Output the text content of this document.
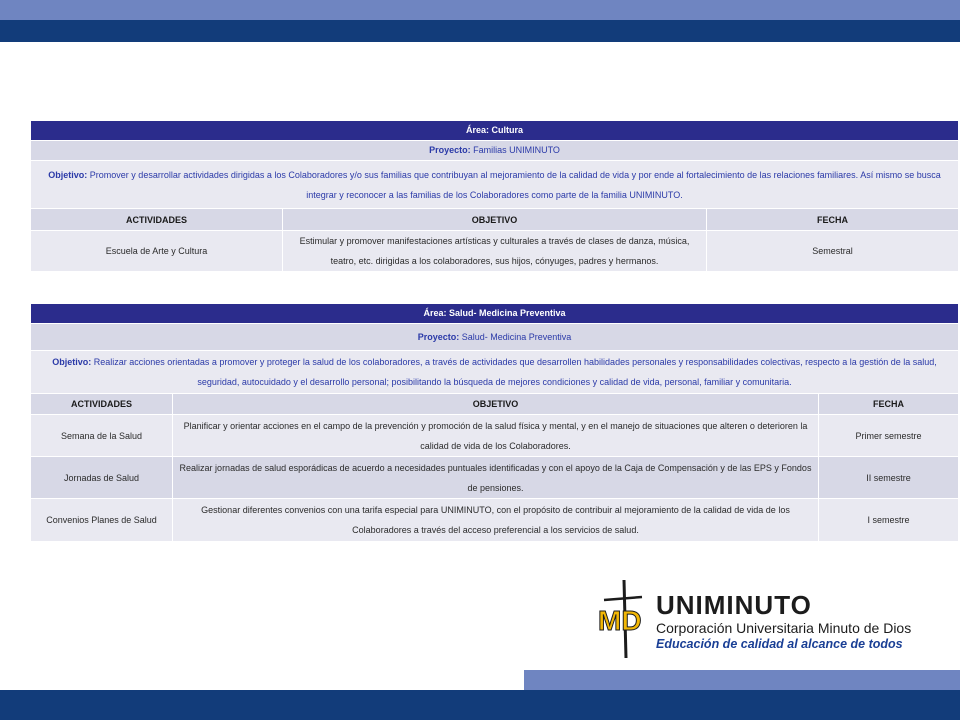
Área: Cultura		
Proyecto: Familias UNIMINUTO		
Objetivo: Promover y desarrollar actividades dirigidas a los Colaboradores y/o sus familias que contribuyan al mejoramiento de la calidad de vida y por ende al fortalecimiento de las relaciones familiares. Así mismo se busca integrar y reconocer a las familias de los Colaboradores como parte de la familia UNIMINUTO.		
ACTIVIDADES	OBJETIVO	FECHA
Escuela de Arte y Cultura	Estimular y promover manifestaciones artísticas y culturales a través de clases de danza, música, teatro, etc. dirigidas a los colaboradores, sus hijos, cónyuges, padres y hermanos.	Semestral
Área: Salud- Medicina Preventiva		
Proyecto: Salud- Medicina Preventiva		
Objetivo: Realizar acciones orientadas a promover y proteger la salud de los colaboradores, a través de actividades que desarrollen habilidades personales y responsabilidades colectivas, respecto a la gestión de la salud, seguridad, autocuidado y el desarrollo personal; posibilitando la búsqueda de mejores condiciones y calidad de vida, personal, familiar y comunitaria.		
ACTIVIDADES	OBJETIVO	FECHA
Semana de la Salud	Planificar y orientar acciones en el campo de la prevención y promoción de la salud física y mental, y en el manejo de situaciones que alteren o deterioren la calidad de vida de los Colaboradores.	Primer semestre
Jornadas de Salud	Realizar jornadas de salud esporádicas de acuerdo a necesidades puntuales identificadas y con el apoyo de la Caja de Compensación y de las EPS y Fondos de pensiones.	II semestre
Convenios Planes de Salud	Gestionar diferentes convenios con una tarifa especial para UNIMINUTO, con el propósito de contribuir al mejoramiento de la calidad de vida de los Colaboradores a través del acceso preferencial a los servicios de salud.	I semestre
MD UNIMINUTO
Corporación Universitaria Minuto de Dios
Educación de calidad al alcance de todos
